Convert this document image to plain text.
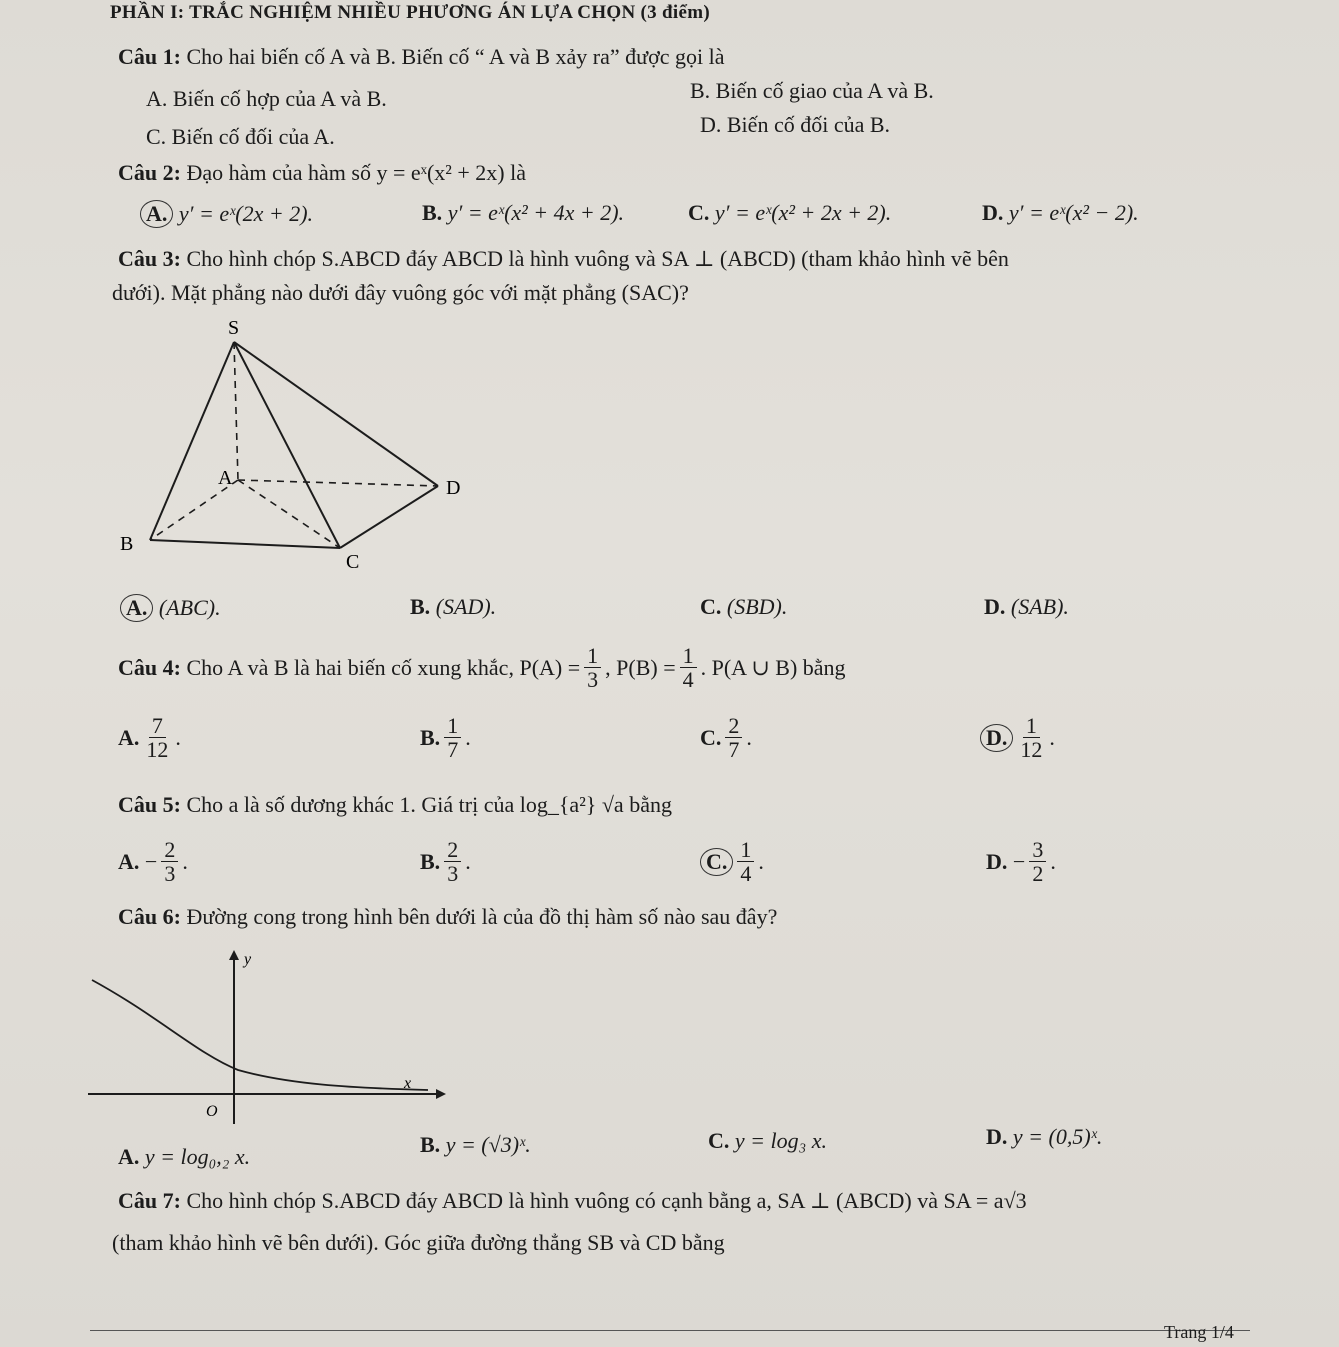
PHẦN I: TRẮC NGHIỆM NHIỀU PHƯƠNG ÁN LỰA CHỌN (3 điểm)
Câu 1: Cho hai biến cố A và B. Biến cố “ A và B xảy ra” được gọi là
A. Biến cố hợp của A và B.	B. Biến cố giao của A và B.
C. Biến cố đối của A.	D. Biến cố đối của B.
Câu 2: Đạo hàm của hàm số y = eˣ(x² + 2x) là
A. y′ = eˣ(2x + 2).	B. y′ = eˣ(x² + 4x + 2).	C. y′ = eˣ(x² + 2x + 2).	D. y′ = eˣ(x² − 2).
Câu 3: Cho hình chóp S.ABCD đáy ABCD là hình vuông và SA ⊥ (ABCD) (tham khảo hình vẽ bên
dưới). Mặt phẳng nào dưới đây vuông góc với mặt phẳng (SAC)?
S
A
B
C
D
A. (ABC).	B. (SAD).	C. (SBD).	D. (SAB).
Câu 4:
Cho A và B là hai biến cố xung khắc,
$P(A) = \frac{1}{3}$ , $P(B) = \frac{1}{4}$ . P(A ∪ B) bằng
A. $\frac{7}{12}$ .	B. $\frac{1}{7}$ .	C. $\frac{2}{7}$ .	D. $\frac{1}{12}$ .
Câu 5: Cho a là số dương khác 1. Giá trị của log_{a²} √a bằng
A.
− $\frac{2}{3}$ .	B. $\frac{2}{3}$ .	C. $\frac{1}{4}$ .	D.
− $\frac{3}{2}$ .
Câu 6: Đường cong trong hình bên dưới là của đồ thị hàm số nào sau đây?
y
x
O
A. y = log₀,₂ x.	B. y = (√3)ˣ.	C. y = log₃ x.	D. y = (0,5)ˣ.
Câu 7: Cho hình chóp S.ABCD đáy ABCD là hình vuông có cạnh bằng a, SA ⊥ (ABCD) và SA = a√3
(tham khảo hình vẽ bên dưới). Góc giữa đường thẳng SB và CD bằng
Trang 1/4
